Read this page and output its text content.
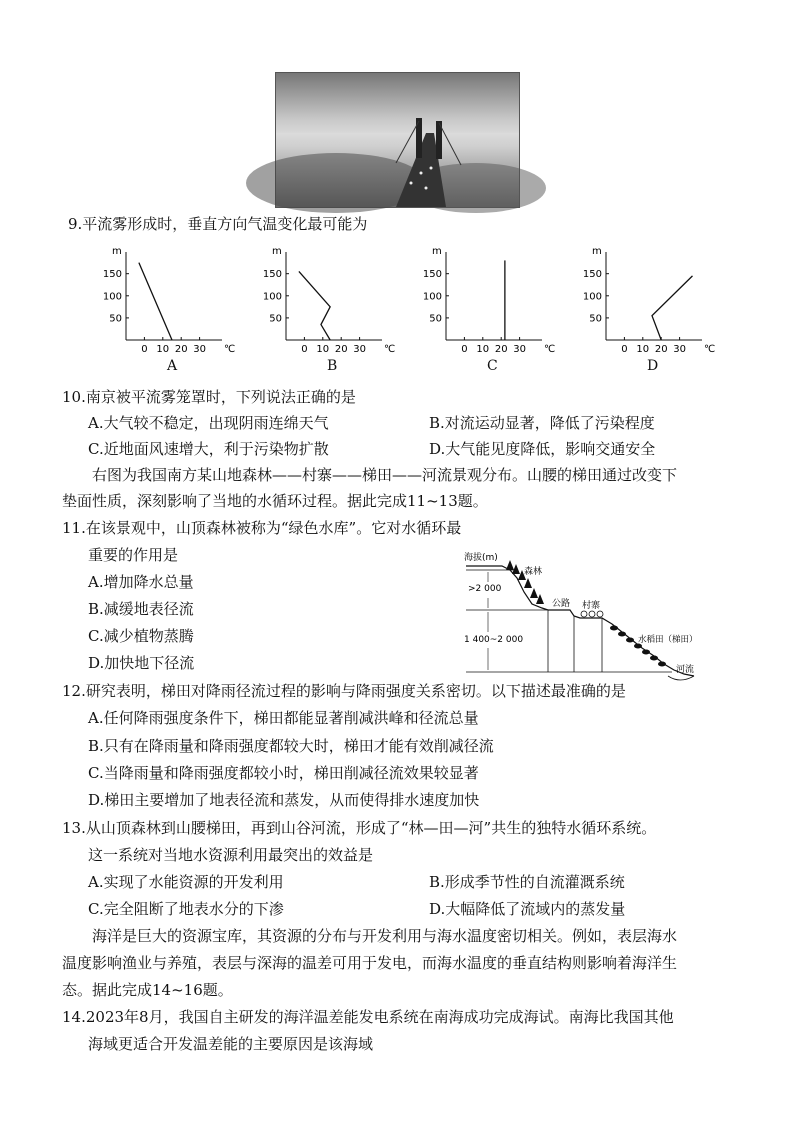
9.平流雾形成时，垂直方向气温变化最可能为
m
50
100
150
0 10 20 30 ℃
A
m
50
100
150
0 10 20 30 ℃
B
m
50
100
150
0 10 20 30 ℃
C
m
50
100
150
0 10 20 30 ℃
D
10.南京被平流雾笼罩时，下列说法正确的是
A.大气较不稳定，出现阴雨连绵天气	B.对流运动显著，降低了污染程度
C.近地面风速增大，利于污染物扩散	D.大气能见度降低，影响交通安全
右图为我国南方某山地森林——村寨——梯田——河流景观分布。山腰的梯田通过改变下
垫面性质，深刻影响了当地的水循环过程。据此完成11~13题。
11.在该景观中，山顶森林被称为“绿色水库”。它对水循环最
重要的作用是
A.增加降水总量
B.减缓地表径流
C.减少植物蒸腾
D.加快地下径流
海拔(m)
>2 000
1 400~2 000
森林
公路 村寨
水稻田（梯田）
河流
12.研究表明，梯田对降雨径流过程的影响与降雨强度关系密切。以下描述最准确的是
A.任何降雨强度条件下，梯田都能显著削减洪峰和径流总量
B.只有在降雨量和降雨强度都较大时，梯田才能有效削减径流
C.当降雨量和降雨强度都较小时，梯田削减径流效果较显著
D.梯田主要增加了地表径流和蒸发，从而使得排水速度加快
13.从山顶森林到山腰梯田，再到山谷河流，形成了“林—田—河”共生的独特水循环系统。
这一系统对当地水资源利用最突出的效益是
A.实现了水能资源的开发利用	B.形成季节性的自流灌溉系统
C.完全阻断了地表水分的下渗	D.大幅降低了流域内的蒸发量
海洋是巨大的资源宝库，其资源的分布与开发利用与海水温度密切相关。例如，表层海水
温度影响渔业与养殖，表层与深海的温差可用于发电，而海水温度的垂直结构则影响着海洋生
态。据此完成14~16题。
14.2023年8月，我国自主研发的海洋温差能发电系统在南海成功完成海试。南海比我国其他
海域更适合开发温差能的主要原因是该海域
